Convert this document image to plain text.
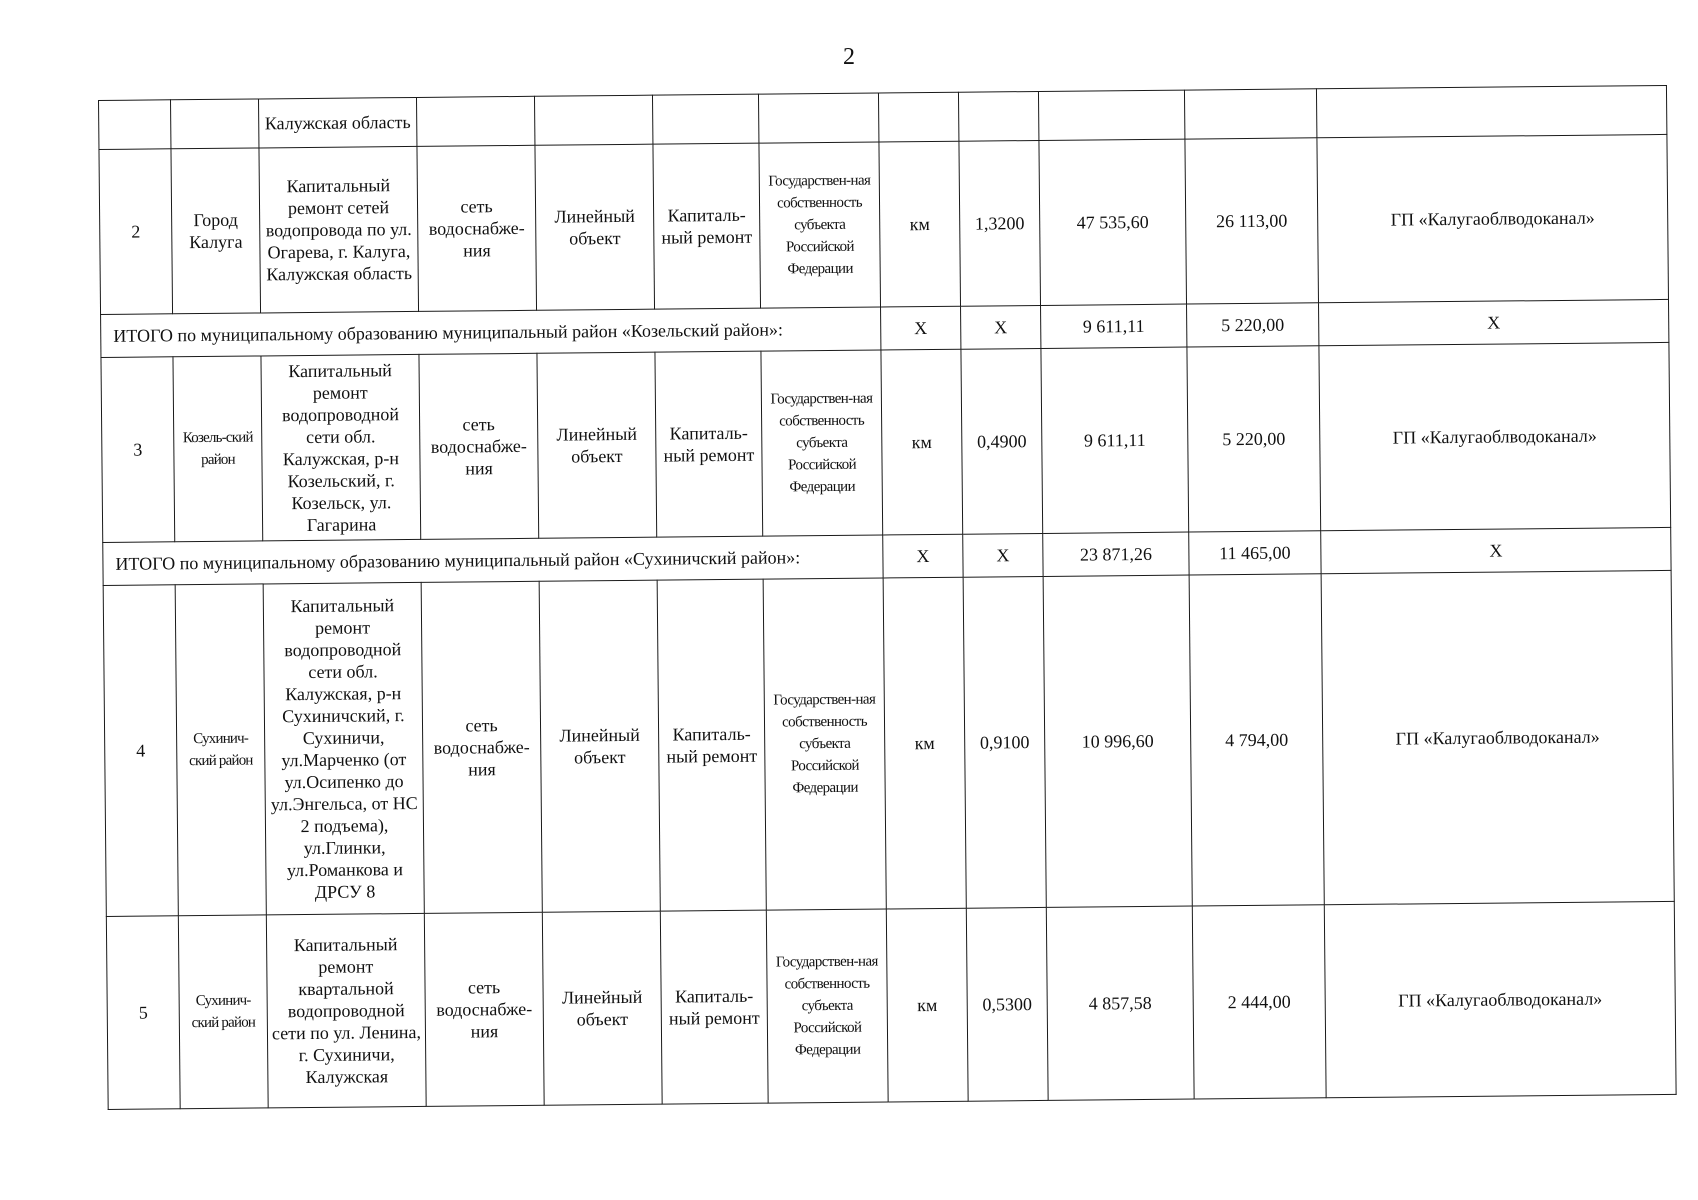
2
		Калужская область									
2	Город Калуга	Капитальный ремонт сетей водопровода по ул. Огарева, г. Калуга, Калужская область	сеть водоснабже-ния	Линейный объект	Капиталь-ный ремонт	Государствен-ная собственность субъекта Российской Федерации	км	1,3200	47 535,60	26 113,00	ГП «Калугаоблводоканал»
ИТОГО по муниципальному образованию муниципальный район «Козельский район»:							Х	Х	9 611,11	5 220,00	Х
3	Козель-ский район	Капитальный ремонт водопроводной сети обл. Калужская, р-н Козельский, г. Козельск, ул. Гагарина	сеть водоснабже-ния	Линейный объект	Капиталь-ный ремонт	Государствен-ная собственность субъекта Российской Федерации	км	0,4900	9 611,11	5 220,00	ГП «Калугаоблводоканал»
ИТОГО по муниципальному образованию муниципальный район «Сухиничский район»:							Х	Х	23 871,26	11 465,00	Х
4	Сухинич-ский район	Капитальный ремонт водопроводной сети обл. Калужская, р-н Сухиничский, г. Сухиничи, ул.Марченко (от ул.Осипенко до ул.Энгельса, от НС 2 подъема), ул.Глинки, ул.Романкова и ДРСУ 8	сеть водоснабже-ния	Линейный объект	Капиталь-ный ремонт	Государствен-ная собственность субъекта Российской Федерации	км	0,9100	10 996,60	4 794,00	ГП «Калугаоблводоканал»
5	Сухинич-ский район	Капитальный ремонт квартальной водопроводной сети по ул. Ленина, г. Сухиничи, Калужская	сеть водоснабже-ния	Линейный объект	Капиталь-ный ремонт	Государствен-ная собственность субъекта Российской Федерации	км	0,5300	4 857,58	2 444,00	ГП «Калугаоблводоканал»
